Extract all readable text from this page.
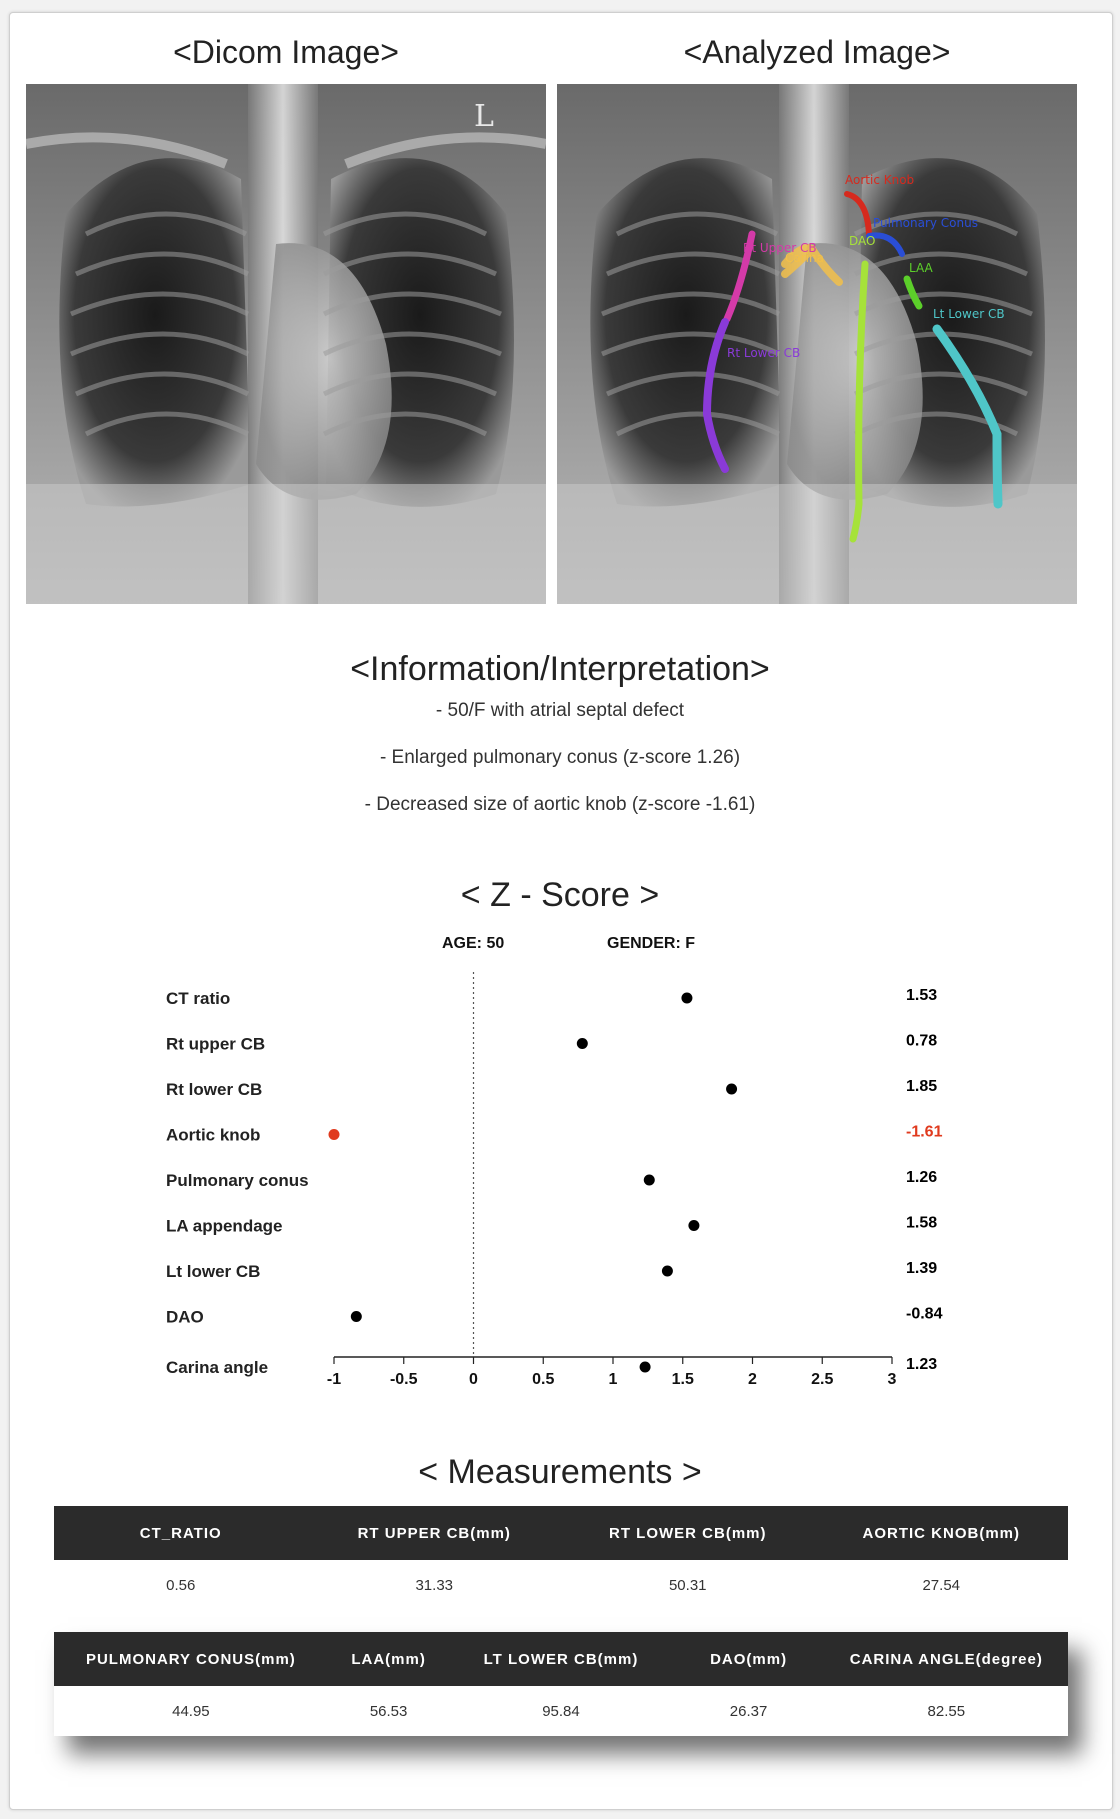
<Dicom Image>	<Analyzed Image>
L
Aortic Knob
Pulmonary Conus
DAO
LAA
Rt Upper CB
Carina
Rt Lower CB
Lt Lower CB
<Information/Interpretation>
- 50/F with atrial septal defect
- Enlarged pulmonary conus (z-score 1.26)
- Decreased size of aortic knob (z-score -1.61)
< Z - Score >
AGE: 50	GENDER: F
-1	-0.5	0	0.5	1	1.5	2	2.5	3
CT ratio	1.53
Rt upper CB	0.78
Rt lower CB	1.85
Aortic knob	-1.61
Pulmonary conus	1.26
LA appendage	1.58
Lt lower CB	1.39
DAO	-0.84
Carina angle	1.23
< Measurements >
CT_RATIO	RT UPPER CB(mm)	RT LOWER CB(mm)	AORTIC KNOB(mm)
0.56	31.33	50.31	27.54
PULMONARY CONUS(mm)	LAA(mm)	LT LOWER CB(mm)	DAO(mm)	CARINA ANGLE(degree)
44.95	56.53	95.84	26.37	82.55
